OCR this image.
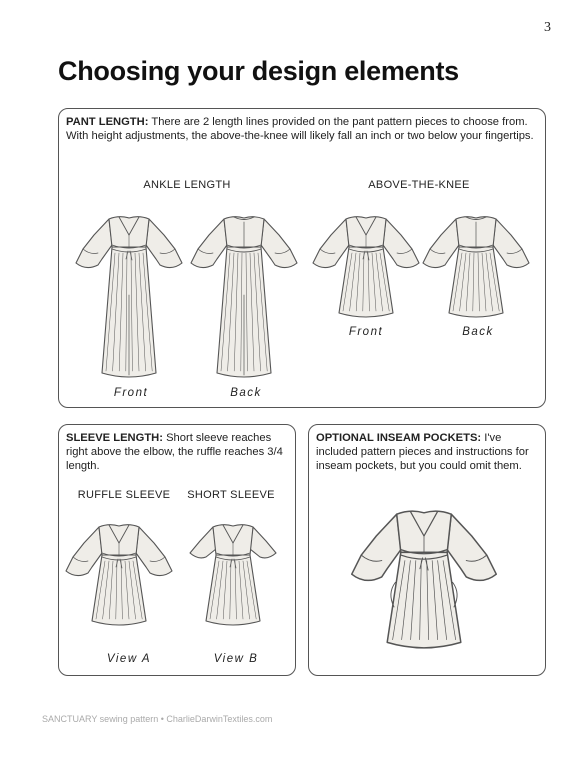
3
Choosing your design elements

PANT LENGTH: There are 2 length lines provided on the pant pattern pieces to choose from. With height adjustments, the above-the-knee will likely fall an inch or two below your fingertips.

ANKLE LENGTH	ABOVE-THE-KNEE
Front	Back
Front	Back

SLEEVE LENGTH: Short sleeve reaches right above the elbow, the ruffle reaches 3/4 length.

RUFFLE SLEEVE	SHORT SLEEVE
View A	View B

OPTIONAL INSEAM POCKETS: I've included pattern pieces and instructions for inseam pockets, but you could omit them.

SANCTUARY sewing pattern • CharlieDarwinTextiles.com
